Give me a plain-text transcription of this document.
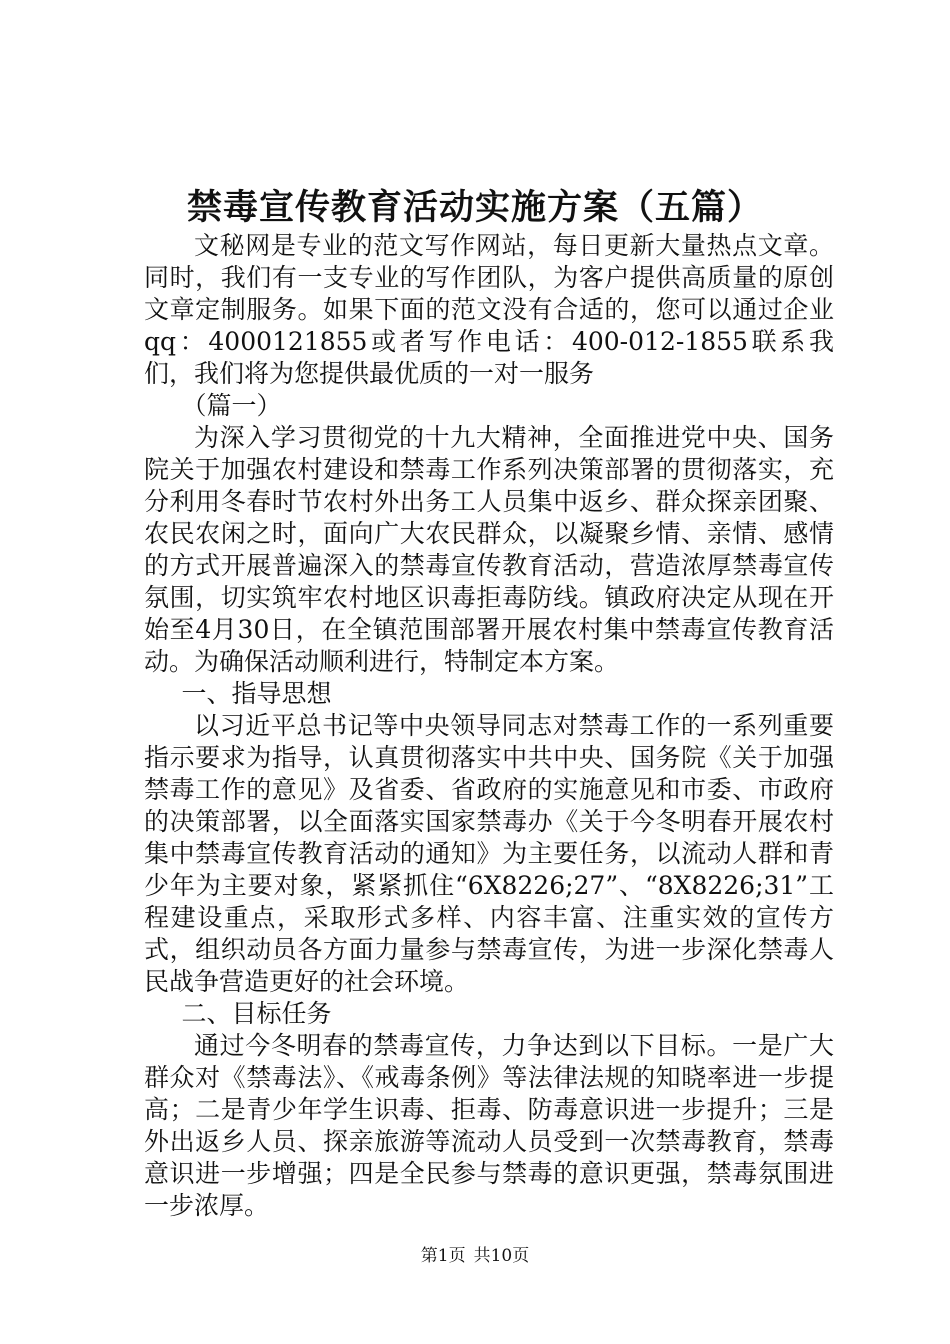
禁毒宣传教育活动实施方案（五篇）

文秘网是专业的范文写作网站，每日更新大量热点文章。同时，我们有一支专业的写作团队，为客户提供高质量的原创文章定制服务。如果下面的范文没有合适的，您可以通过企业qq：4000121855或者写作电话：400-012-1855联系我们，我们将为您提供最优质的一对一服务

（篇一）

为深入学习贯彻党的十九大精神，全面推进党中央、国务院关于加强农村建设和禁毒工作系列决策部署的贯彻落实，充分利用冬春时节农村外出务工人员集中返乡、群众探亲团聚、农民农闲之时，面向广大农民群众，以凝聚乡情、亲情、感情的方式开展普遍深入的禁毒宣传教育活动，营造浓厚禁毒宣传氛围，切实筑牢农村地区识毒拒毒防线。镇政府决定从现在开始至4月30日，在全镇范围部署开展农村集中禁毒宣传教育活动。为确保活动顺利进行，特制定本方案。

一、指导思想

以习近平总书记等中央领导同志对禁毒工作的一系列重要指示要求为指导，认真贯彻落实中共中央、国务院《关于加强禁毒工作的意见》及省委、省政府的实施意见和市委、市政府的决策部署，以全面落实国家禁毒办《关于今冬明春开展农村集中禁毒宣传教育活动的通知》为主要任务，以流动人群和青少年为主要对象，紧紧抓住“6X8226;27”、“8X8226;31”工程建设重点，采取形式多样、内容丰富、注重实效的宣传方式，组织动员各方面力量参与禁毒宣传，为进一步深化禁毒人民战争营造更好的社会环境。

二、目标任务

通过今冬明春的禁毒宣传，力争达到以下目标。一是广大群众对《禁毒法》、《戒毒条例》等法律法规的知晓率进一步提高；二是青少年学生识毒、拒毒、防毒意识进一步提升；三是外出返乡人员、探亲旅游等流动人员受到一次禁毒教育，禁毒意识进一步增强；四是全民参与禁毒的意识更强，禁毒氛围进一步浓厚。

第1页 共10页
